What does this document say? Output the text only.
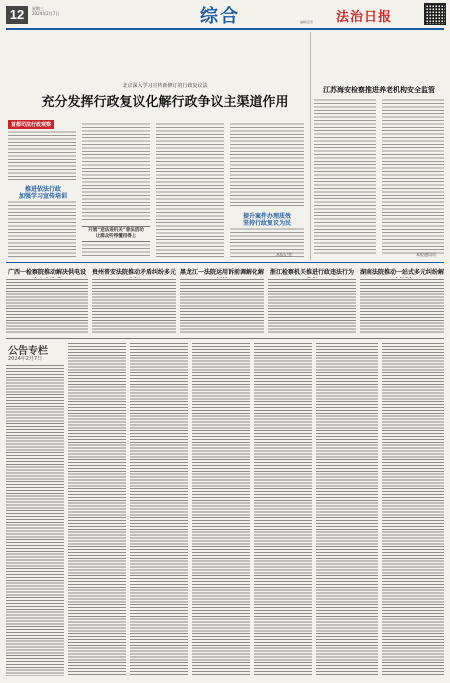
12	星期三
2024年2月7日	综合	法治日报
编辑/张雪
北京深入学习宣传新修订的行政复议法
充分发挥行政复议化解行政争议主渠道作用
首都司法行政观察
推进依法行政
加强学习宣传培训
开展“送法进机关”普法活动
让群众听得懂用得上
提升案件办理质效
坚持行政复议为民
本报记者
江苏海安检察推进养老机构安全监管
本报通讯员
广西一检察院推动解决供电设	贵州普安法院推动矛盾纠纷多元 黑龙江一法院运用诉前调解化解 浙江检察机关推进行政违法行为	湖南法院推动一站式多元纠纷解
公告专栏
2024年2月7日
